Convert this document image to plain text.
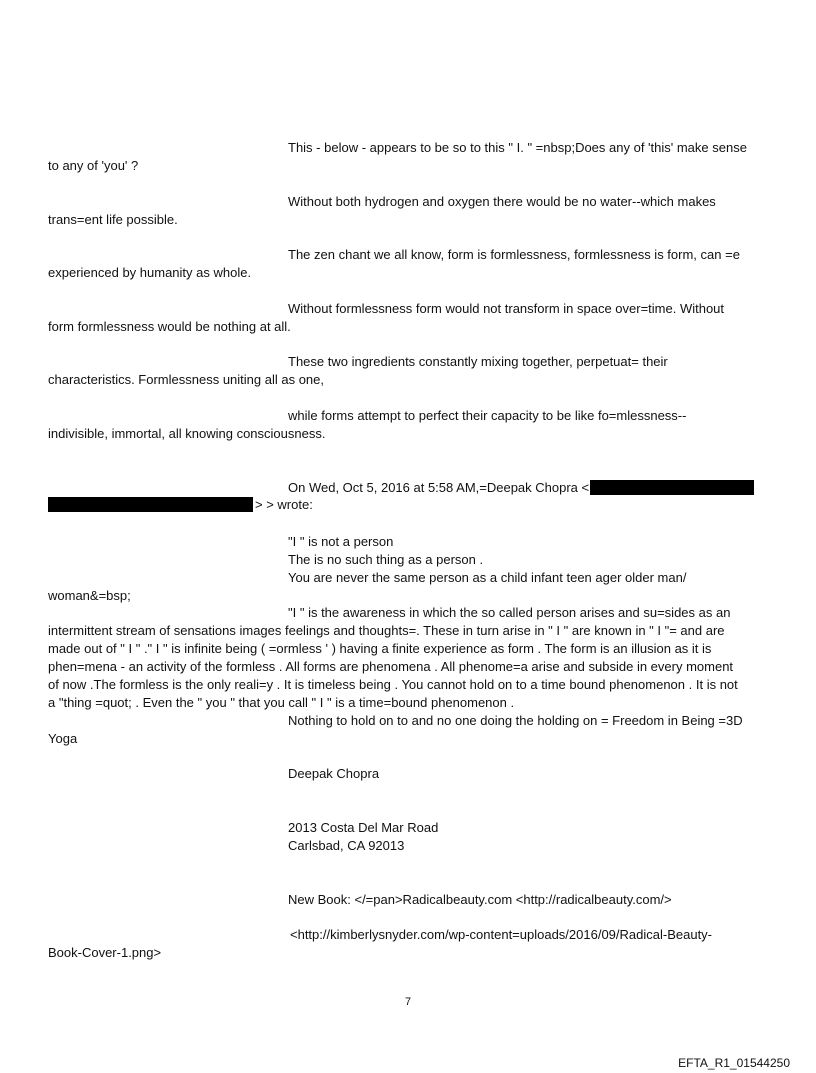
This - below - appears to be so to this " I. " =nbsp;Does any of 'this' make sense
to any of 'you' ?
Without both hydrogen and oxygen there would be no water--which makes
trans=ent life possible.
The zen chant we all know, form is formlessness, formlessness is form, can =e
experienced by humanity as whole.
Without formlessness form would not transform in space over=time. Without
form formlessness would be nothing at all.
These two ingredients constantly mixing together, perpetuat= their
characteristics. Formlessness uniting all as one,
while forms attempt to perfect their capacity to be like fo=mlessness--
indivisible, immortal, all knowing consciousness.
On Wed, Oct 5, 2016 at 5:58 AM,=Deepak Chopra <
> > wrote:
"I " is not a person
The is no such thing as a person .
You are never the same person as a child infant teen ager older man/
woman&=bsp;
"I " is the awareness in which the so called person arises and su=sides as an
intermittent stream of sensations images feelings and thoughts=. These in turn arise in " I " are known in " I "= and are
made out of " I " ." I " is infinite being ( =ormless ' ) having a finite experience as form . The form is an illusion as it is
phen=mena - an activity of the formless . All forms are phenomena . All phenome=a arise and subside in every moment
of now .The formless is the only reali=y . It is timeless being . You cannot hold on to a time bound phenomenon . It is not
a "thing =quot; . Even the " you " that you call " I " is a time=bound phenomenon .
Nothing to hold on to and no one doing the holding on = Freedom in Being =3D
Yoga
Deepak Chopra
2013 Costa Del Mar Road
Carlsbad, CA 92013
New Book: </=pan>Radicalbeauty.com <http://radicalbeauty.com/>
<http://kimberlysnyder.com/wp-content=uploads/2016/09/Radical-Beauty-
Book-Cover-1.png>
7
EFTA_R1_01544250
